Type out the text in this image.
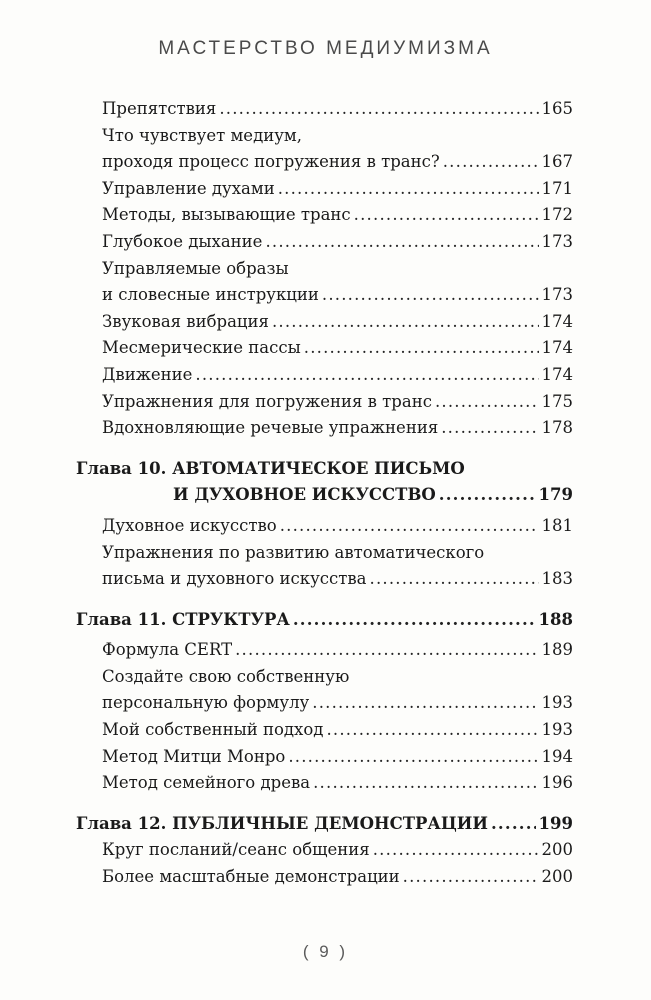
МАСТЕРСТВО МЕДИУМИЗМА
Препятствия .....	165
Что чувствует медиум,
проходя процесс погружения в транс? .....	167
Управление духами .....	171
Методы, вызывающие транс .....	172
Глубокое дыхание .....	173
Управляемые образы
и словесные инструкции .....	173
Звуковая вибрация .....	174
Месмерические пассы .....	174
Движение .....	174
Упражнения для погружения в транс .....	175
Вдохновляющие речевые упражнения .....	178
Глава 10. АВТОМАТИЧЕСКОЕ ПИСЬМО
И ДУХОВНОЕ ИСКУССТВО .....	179
Духовное искусство .....	181
Упражнения по развитию автоматического
письма и духовного искусства .....	183
Глава 11. СТРУКТУРА .....	188
Формула CERT .....	189
Создайте свою собственную
персональную формулу .....	193
Мой собственный подход .....	193
Метод Митци Монро .....	194
Метод семейного древа .....	196
Глава 12. ПУБЛИЧНЫЕ ДЕМОНСТРАЦИИ .....	199
Круг посланий/сеанс общения .....	200
Более масштабные демонстрации .....	200
( 9 )
